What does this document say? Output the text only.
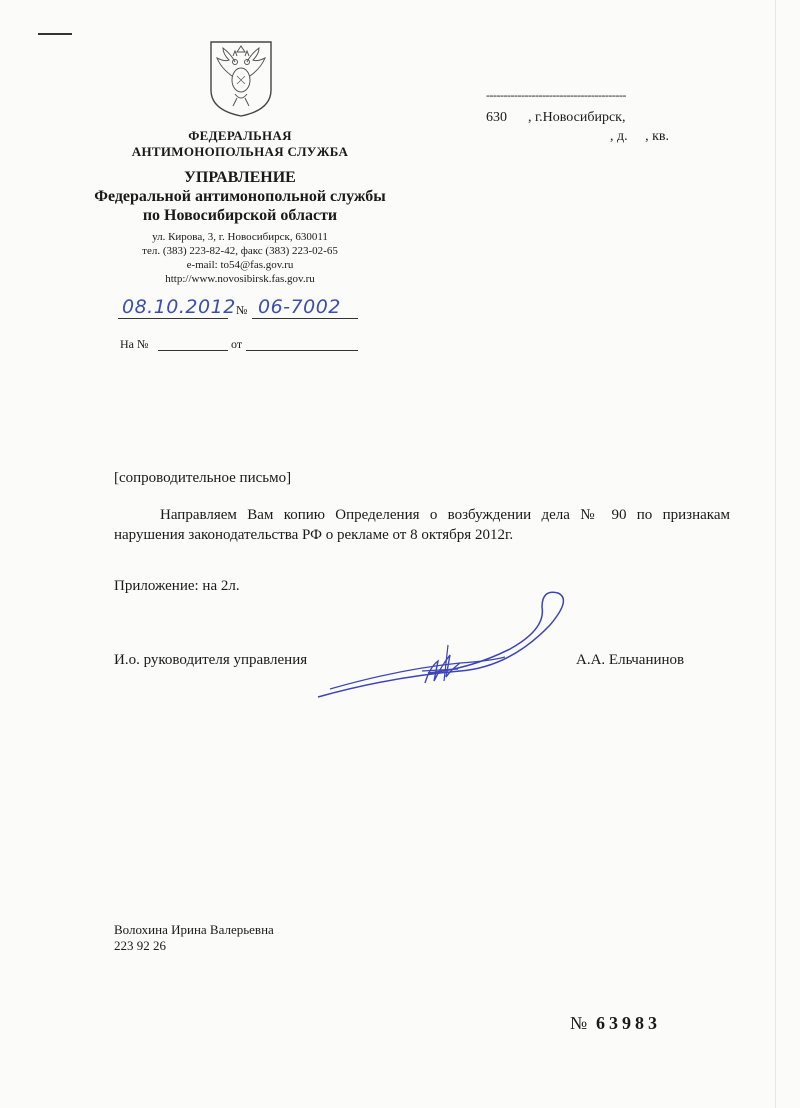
ФЕДЕРАЛЬНАЯ
АНТИМОНОПОЛЬНАЯ СЛУЖБА
УПРАВЛЕНИЕ
Федеральной антимонопольной службы
по Новосибирской области
ул. Кирова, 3, г. Новосибирск, 630011
тел. (383) 223-82-42, факс (383) 223-02-65
e-mail: to54@fas.gov.ru
http://www.novosibirsk.fas.gov.ru
08.10.2012 № 06-7002
На №	от
----------------------------------------
630 , г.Новосибирск,
, д.     , кв.
[сопроводительное письмо]
Направляем Вам копию Определения о возбуждении дела № 90 по признакам нарушения законодательства РФ о рекламе от 8 октября 2012г.
Приложение: на 2л.
И.о. руководителя управления	А.А. Ельчанинов
Волохина Ирина Валерьевна
223 92 26
№ 63983
